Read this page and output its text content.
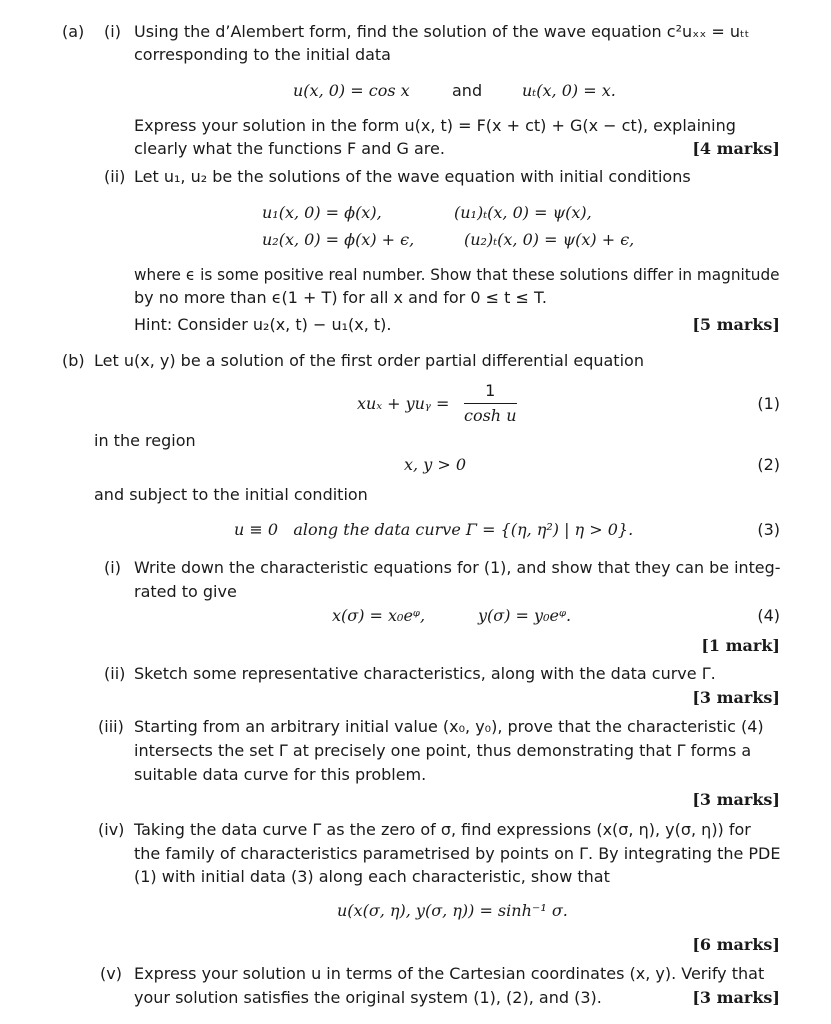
(a) (i) Using the d’Alembert form, find the solution of the wave equation c²uₓₓ = uₜₜ
corresponding to the initial data
u(x, 0) = cos x	and uₜ(x, 0) = x.
Express your solution in the form u(x, t) = F(x + ct) + G(x − ct), explaining
clearly what the functions F and G are.	[4 marks]
(ii) Let u₁, u₂ be the solutions of the wave equation with initial conditions
u₁(x, 0) = ϕ(x),	(u₁)ₜ(x, 0) = ψ(x),
u₂(x, 0) = ϕ(x) + ϵ,	(u₂)ₜ(x, 0) = ψ(x) + ϵ,
where ϵ is some positive real number. Show that these solutions differ in magnitude
by no more than ϵ(1 + T) for all x and for 0 ≤ t ≤ T.
Hint: Consider u₂(x, t) − u₁(x, t).	[5 marks]
(b) Let u(x, y) be a solution of the first order partial differential equation
xuₓ + yuᵧ = $\frac{1}{\text{cosh u}}$	(1)
in the region
x, y > 0	(2)
and subject to the initial condition
u ≡ 0   along the data curve Γ = {(η, η²) | η > 0}.	(3)
(i) Write down the characteristic equations for (1), and show that they can be integ-
rated to give
x(σ) = x₀eᵠ,	y(σ) = y₀eᵠ.	(4)
[1 mark]
(ii) Sketch some representative characteristics, along with the data curve Γ.
[3 marks]
(iii) Starting from an arbitrary initial value (x₀, y₀), prove that the characteristic (4)
intersects the set Γ at precisely one point, thus demonstrating that Γ forms a
suitable data curve for this problem.
[3 marks]
(iv) Taking the data curve Γ as the zero of σ, find expressions (x(σ, η), y(σ, η)) for
the family of characteristics parametrised by points on Γ. By integrating the PDE
(1) with initial data (3) along each characteristic, show that
u(x(σ, η), y(σ, η)) = sinh⁻¹ σ.
[6 marks]
(v) Express your solution u in terms of the Cartesian coordinates (x, y). Verify that
your solution satisfies the original system (1), (2), and (3).	[3 marks]
